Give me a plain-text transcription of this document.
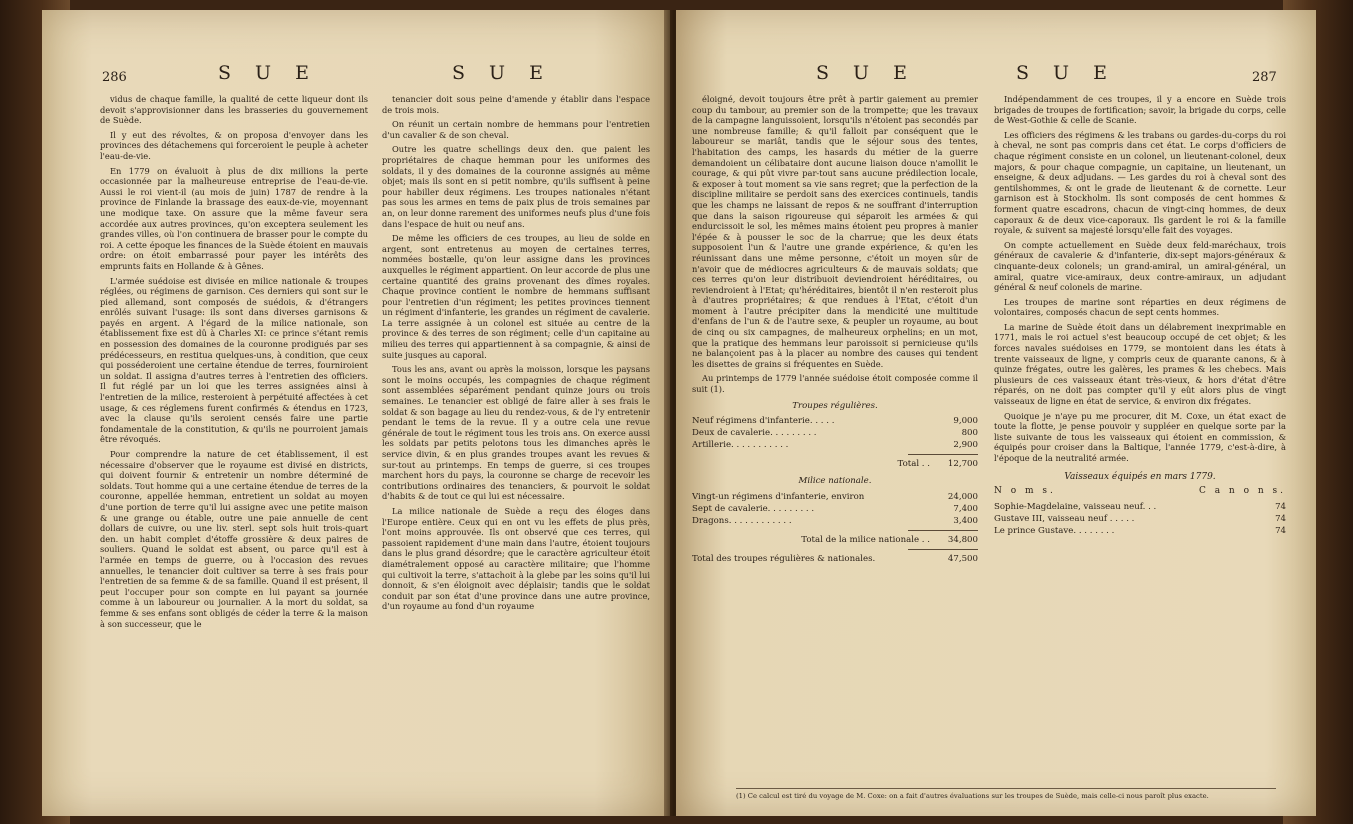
286	S U E	S U E

vidus de chaque famille, la qualité de cette liqueur dont ils devoit s'approvisionner dans les brasseries du gouvernement de Suède.

Il y eut des révoltes, & on proposa d'envoyer dans les provinces des détachemens qui forceroient le peuple à acheter l'eau-de-vie.

En 1779 on évaluoit à plus de dix millions la perte occasionnée par la malheureuse entreprise de l'eau-de-vie. Aussi le roi vient-il (au mois de juin) 1787 de rendre à la province de Finlande la brassage des eaux-de-vie, moyennant une modique taxe. On assure que la même faveur sera accordée aux autres provinces, qu'on exceptera seulement les grandes villes, où l'on continuera de brasser pour le compte du roi. A cette époque les finances de la Suède étoient en mauvais ordre: on étoit embarrassé pour payer les intérêts des emprunts faits en Hollande & à Gênes.

L'armée suédoise est divisée en milice nationale & troupes réglées, ou régimens de garnison. Ces derniers qui sont sur le pied allemand, sont composés de suédois, & d'étrangers enrôlés suivant l'usage: ils sont dans diverses garnisons & payés en argent. A l'égard de la milice nationale, son établissement fixe est dû à Charles XI: ce prince s'étant remis en possession des domaines de la couronne prodigués par ses prédécesseurs, en restitua quelques-uns, à condition, que ceux qui posséderoient une certaine étendue de terres, fourniroient un soldat. Il assigna d'autres terres à l'entretien des officiers. Il fut réglé par un loi que les terres assignées ainsi à l'entretien de la milice, resteroient à perpétuité affectées à cet usage, & ces réglemens furent confirmés & étendus en 1723, avec la clause qu'ils seroient censés faire une partie fondamentale de la constitution, & qu'ils ne pourroient jamais être révoqués.

Pour comprendre la nature de cet établissement, il est nécessaire d'observer que le royaume est divisé en districts, qui doivent fournir & entretenir un nombre déterminé de soldats. Tout homme qui a une certaine étendue de terres de la couronne, appellée hemman, entretient un soldat au moyen d'une portion de terre qu'il lui assigne avec une petite maison & une grange ou étable, outre une paie annuelle de cent dollars de cuivre, ou une liv. sterl. sept sols huit trois-quart den. un habit complet d'étoffe grossière & deux paires de souliers. Quand le soldat est absent, ou parce qu'il est à l'armée en temps de guerre, ou à l'occasion des revues annuelles, le tenancier doit cultiver sa terre à ses frais pour l'entretien de sa femme & de sa famille. Quand il est présent, il peut l'occuper pour son compte en lui payant sa journée comme à un laboureur ou journalier. A la mort du soldat, sa femme & ses enfans sont obligés de céder la terre & la maison à son successeur, que le

tenancier doit sous peine d'amende y établir dans l'espace de trois mois.

On réunit un certain nombre de hemmans pour l'entretien d'un cavalier & de son cheval.

Outre les quatre schellings deux den. que paient les propriétaires de chaque hemman pour les uniformes des soldats, il y des domaines de la couronne assignés au même objet; mais ils sont en si petit nombre, qu'ils suffisent à peine pour habiller deux régimens. Les troupes nationales n'étant pas sous les armes en tems de paix plus de trois semaines par an, on leur donne rarement des uniformes neufs plus d'une fois dans l'espace de huit ou neuf ans.

De même les officiers de ces troupes, au lieu de solde en argent, sont entretenus au moyen de certaines terres, nommées bostælle, qu'on leur assigne dans les provinces auxquelles le régiment appartient. On leur accorde de plus une certaine quantité des grains provenant des dîmes royales. Chaque province contient le nombre de hemmans suffisant pour l'entretien d'un régiment; les petites provinces tiennent un régiment d'infanterie, les grandes un régiment de cavalerie. La terre assignée à un colonel est située au centre de la province & des terres de son régiment; celle d'un capitaine au milieu des terres qui appartiennent à sa compagnie, & ainsi de suite jusques au caporal.

Tous les ans, avant ou après la moisson, lorsque les paysans sont le moins occupés, les compagnies de chaque régiment sont assemblées séparément pendant quinze jours ou trois semaines. Le tenancier est obligé de faire aller à ses frais le soldat & son bagage au lieu du rendez-vous, & de l'y entretenir pendant le tems de la revue. Il y a outre cela une revue générale de tout le régiment tous les trois ans. On exerce aussi les soldats par petits pelotons tous les dimanches après le service divin, & en plus grandes troupes avant les revues & sur-tout au printemps. En temps de guerre, si ces troupes marchent hors du pays, la couronne se charge de recevoir les contributions ordinaires des tenanciers, & pourvoit le soldat d'habits & de tout ce qui lui est nécessaire.

La milice nationale de Suède a reçu des éloges dans l'Europe entière. Ceux qui en ont vu les effets de plus près, l'ont moins approuvée. Ils ont observé que ces terres, qui passoient rapidement d'une main dans l'autre, étoient toujours dans le plus grand désordre; que le caractère agriculteur étoit diamétralement opposé au caractère militaire; que l'homme qui cultivoit la terre, s'attachoit à la glebe par les soins qu'il lui donnoit, & s'en éloignoit avec déplaisir; tandis que le soldat conduit par son état d'une province dans une autre province, d'un royaume au fond d'un royaume

S U E	S U E	287

éloigné, devoit toujours être prêt à partir gaiement au premier coup du tambour, au premier son de la trompette; que les travaux de la campagne languissoient, lorsqu'ils n'étoient pas secondés par une nombreuse famille; & qu'il falloit par conséquent que le laboureur se mariât, tandis que le séjour sous des tentes, l'habitation des camps, les hasards du métier de la guerre demandoient un célibataire dont aucune liaison douce n'amollit le courage, & qui pût vivre par-tout sans aucune prédilection locale, & exposer à tout moment sa vie sans regret; que la perfection de la discipline militaire se perdoit sans des exercices continuels, tandis que les champs ne laissant de repos & ne souffrant d'interruption que dans la saison rigoureuse qui séparoit les armées & qui endurcissoit le sol, les mêmes mains étoient peu propres à manier l'épée & à pousser le soc de la charrue; que les deux états supposoient l'un & l'autre une grande expérience, & qu'en les réunissant dans une même personne, c'étoit un moyen sûr de n'avoir que de médiocres agriculteurs & de mauvais soldats; que ces terres qu'on leur distribuoit deviendroient héréditaires, ou reviendroient à l'Etat; qu'héréditaires, bientôt il n'en resteroit plus à d'autres propriétaires; & que rendues à l'Etat, c'étoit d'un moment à l'autre précipiter dans la mendicité une multitude d'enfans de l'un & de l'autre sexe, & peupler un royaume, au bout de cinq ou six campagnes, de malheureux orphelins; en un mot, que la pratique des hemmans leur paroissoit si pernicieuse qu'ils ne balançoient pas à la placer au nombre des causes qui tendent les disettes de grains si fréquentes en Suède.

Au printemps de 1779 l'année suédoise étoit composée comme il suit (1).

Troupes régulières.
Neuf régimens d'infanterie. . . . .	9,000
Deux de cavalerie. . . . . . . . .	800
Artillerie. . . . . . . . . . .	2,900
Total . .	12,700
Milice nationale.
Vingt-un régimens d'infanterie, environ	24,000
Sept de cavalerie. . . . . . . . .	7,400
Dragons. . . . . . . . . . . .	3,400
Total de la milice nationale . .	34,800
Total des troupes régulières & nationales.	47,500

Indépendamment de ces troupes, il y a encore en Suède trois brigades de troupes de fortification; savoir, la brigade du corps, celle de West-Gothie & celle de Scanie.

Les officiers des régimens & les trabans ou gardes-du-corps du roi à cheval, ne sont pas compris dans cet état. Le corps d'officiers de chaque régiment consiste en un colonel, un lieutenant-colonel, deux majors, & pour chaque compagnie, un capitaine, un lieutenant, un enseigne, & deux adjudans. — Les gardes du roi à cheval sont des gentilshommes, & ont le grade de lieutenant & de cornette. Leur garnison est à Stockholm. Ils sont composés de cent hommes & forment quatre escadrons, chacun de vingt-cinq hommes, de deux caporaux & de deux vice-caporaux. Ils gardent le roi & la famille royale, & suivent sa majesté lorsqu'elle fait des voyages.

On compte actuellement en Suède deux feld-maréchaux, trois généraux de cavalerie & d'infanterie, dix-sept majors-généraux & cinquante-deux colonels; un grand-amiral, un amiral-général, un amiral, quatre vice-amiraux, deux contre-amiraux, un adjudant général & neuf colonels de marine.

Les troupes de marine sont réparties en deux régimens de volontaires, composés chacun de sept cents hommes.

La marine de Suède étoit dans un délabrement inexprimable en 1771, mais le roi actuel s'est beaucoup occupé de cet objet; & les forces navales suédoises en 1779, se montoient dans les états à trente vaisseaux de ligne, y compris ceux de quarante canons, & à quinze frégates, outre les galères, les prames & les chebecs. Mais plusieurs de ces vaisseaux étant très-vieux, & hors d'état d'être réparés, on ne doit pas compter qu'il y eût alors plus de vingt vaisseaux de ligne en état de service, & environ dix frégates.

Quoique je n'aye pu me procurer, dit M. Coxe, un état exact de toute la flotte, je pense pouvoir y suppléer en quelque sorte par la liste suivante de tous les vaisseaux qui étoient en commission, & équipés pour croiser dans la Baltique, l'année 1779, c'est-à-dire, à l'époque de la neutralité armée.

Vaisseaux équipés en mars 1779.
N o m s.	C a n o n s.
Sophie-Magdelaine, vaisseau neuf. . .	74
Gustave III, vaisseau neuf . . . . .	74
Le prince Gustave. . . . . . . .	74
(1) Ce calcul est tiré du voyage de M. Coxe: on a fait d'autres évaluations sur les troupes de Suède, mais celle-ci nous paroît plus exacte.
